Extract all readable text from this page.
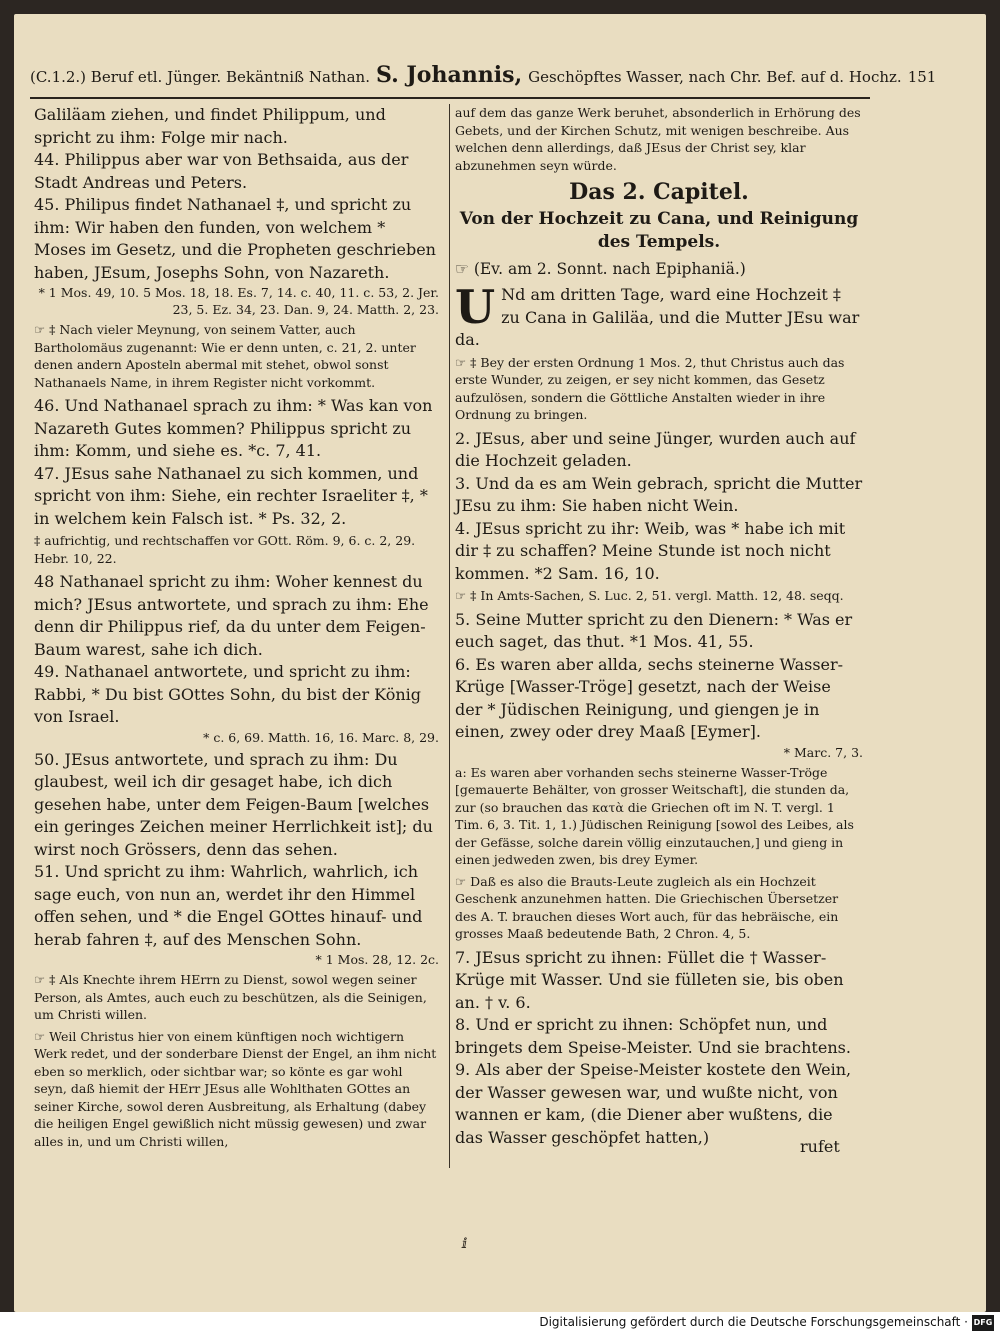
(C.1.2.) Beruf etl. Jünger. Bekäntniß Nathan. S. Johannis, Geschöpftes Wasser, nach Chr. Bef. auf d. Hochz. 151

Galiläam ziehen, und findet Philippum, und spricht zu ihm: Folge mir nach.

44. Philippus aber war von Bethsaida, aus der Stadt Andreas und Peters.

45. Philipus findet Nathanael ‡, und spricht zu ihm: Wir haben den funden, von welchem * Moses im Gesetz, und die Propheten geschrieben haben, JEsum, Josephs Sohn, von Nazareth.

* 1 Mos. 49, 10. 5 Mos. 18, 18. Es. 7, 14. c. 40, 11. c. 53, 2. Jer. 23, 5. Ez. 34, 23. Dan. 9, 24. Matth. 2, 23.

☞ ‡ Nach vieler Meynung, von seinem Vatter, auch Bartholomäus zugenannt: Wie er denn unten, c. 21, 2. unter denen andern Aposteln abermal mit stehet, obwol sonst Nathanaels Name, in ihrem Register nicht vorkommt.

46. Und Nathanael sprach zu ihm: * Was kan von Nazareth Gutes kommen? Philippus spricht zu ihm: Komm, und siehe es. *c. 7, 41.

47. JEsus sahe Nathanael zu sich kommen, und spricht von ihm: Siehe, ein rechter Israeliter ‡, * in welchem kein Falsch ist. * Ps. 32, 2.

‡ aufrichtig, und rechtschaffen vor GOtt. Röm. 9, 6. c. 2, 29. Hebr. 10, 22.

48 Nathanael spricht zu ihm: Woher kennest du mich? JEsus antwortete, und sprach zu ihm: Ehe denn dir Philippus rief, da du unter dem Feigen-Baum warest, sahe ich dich.

49. Nathanael antwortete, und spricht zu ihm: Rabbi, * Du bist GOttes Sohn, du bist der König von Israel.

* c. 6, 69. Matth. 16, 16. Marc. 8, 29.

50. JEsus antwortete, und sprach zu ihm: Du glaubest, weil ich dir gesaget habe, ich dich gesehen habe, unter dem Feigen-Baum [welches ein geringes Zeichen meiner Herrlichkeit ist]; du wirst noch Grössers, denn das sehen.

51. Und spricht zu ihm: Wahrlich, wahrlich, ich sage euch, von nun an, werdet ihr den Himmel offen sehen, und * die Engel GOttes hinauf- und herab fahren ‡, auf des Menschen Sohn.

* 1 Mos. 28, 12. 2c.

☞ ‡ Als Knechte ihrem HErrn zu Dienst, sowol wegen seiner Person, als Amtes, auch euch zu beschützen, als die Seinigen, um Christi willen.

☞ Weil Christus hier von einem künftigen noch wichtigern Werk redet, und der sonderbare Dienst der Engel, an ihm nicht eben so merklich, oder sichtbar war; so könte es gar wohl seyn, daß hiemit der HErr JEsus alle Wohlthaten GOttes an seiner Kirche, sowol deren Ausbreitung, als Erhaltung (dabey die heiligen Engel gewißlich nicht müssig gewesen) und zwar alles in, und um Christi willen,

auf dem das ganze Werk beruhet, absonderlich in Erhörung des Gebets, und der Kirchen Schutz, mit wenigen beschreibe. Aus welchen denn allerdings, daß JEsus der Christ sey, klar abzunehmen seyn würde.

Das 2. Capitel.
Von der Hochzeit zu Cana, und Reinigung des Tempels.

☞ (Ev. am 2. Sonnt. nach Epiphaniä.)

U Nd am dritten Tage, ward eine Hochzeit ‡ zu Cana in Galiläa, und die Mutter JEsu war da.

☞ ‡ Bey der ersten Ordnung 1 Mos. 2, thut Christus auch das erste Wunder, zu zeigen, er sey nicht kommen, das Gesetz aufzulösen, sondern die Göttliche Anstalten wieder in ihre Ordnung zu bringen.

2. JEsus, aber und seine Jünger, wurden auch auf die Hochzeit geladen.

3. Und da es am Wein gebrach, spricht die Mutter JEsu zu ihm: Sie haben nicht Wein.

4. JEsus spricht zu ihr: Weib, was * habe ich mit dir ‡ zu schaffen? Meine Stunde ist noch nicht kommen. *2 Sam. 16, 10.

☞ ‡ In Amts-Sachen, S. Luc. 2, 51. vergl. Matth. 12, 48. seqq.

5. Seine Mutter spricht zu den Dienern: * Was er euch saget, das thut. *1 Mos. 41, 55.

6. Es waren aber allda, sechs steinerne Wasser-Krüge [Wasser-Tröge] gesetzt, nach der Weise der * Jüdischen Reinigung, und giengen je in einen, zwey oder drey Maaß [Eymer].

* Marc. 7, 3.

a: Es waren aber vorhanden sechs steinerne Wasser-Tröge [gemauerte Behälter, von grosser Weitschaft], die stunden da, zur (so brauchen das κατὰ die Griechen oft im N. T. vergl. 1 Tim. 6, 3. Tit. 1, 1.) Jüdischen Reinigung [sowol des Leibes, als der Gefässe, solche darein völlig einzutauchen,] und gieng in einen jedweden zwen, bis drey Eymer.

☞ Daß es also die Brauts-Leute zugleich als ein Hochzeit Geschenk anzunehmen hatten. Die Griechischen Übersetzer des A. T. brauchen dieses Wort auch, für das hebräische, ein grosses Maaß bedeutende Bath, 2 Chron. 4, 5.

7. JEsus spricht zu ihnen: Füllet die † Wasser-Krüge mit Wasser. Und sie fülleten sie, bis oben an. † v. 6.

8. Und er spricht zu ihnen: Schöpfet nun, und bringets dem Speise-Meister. Und sie brachtens.

9. Als aber der Speise-Meister kostete den Wein, der Wasser gewesen war, und wußte nicht, von wannen er kam, (die Diener aber wußtens, die das Wasser geschöpfet hatten,)	rufet
ⅈ
Digitalisierung gefördert durch die Deutsche Forschungsgemeinschaft · DFG
